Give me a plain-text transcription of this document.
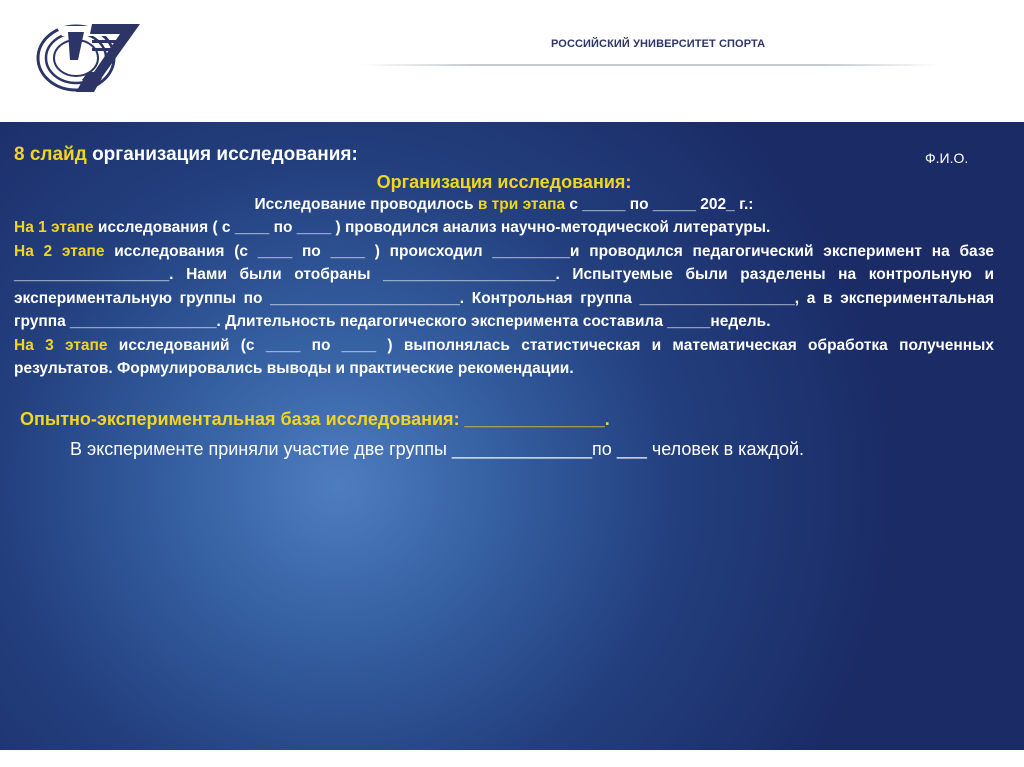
РОССИЙСКИЙ УНИВЕРСИТЕТ СПОРТА
Ф.И.О.
8 слайд организация исследования:
Организация исследования:
Исследование проводилось в три этапа с _____ по _____ 202_ г.:
На 1 этапе исследования ( с ____ по ____ ) проводился анализ научно-методической литературы.
На 2 этапе исследования (с ____ по ____ ) происходил _________и проводился педагогический эксперимент на базе __________________. Нами были отобраны ____________________. Испытуемые были разделены на контрольную и экспериментальную группы по ______________________. Контрольная группа __________________, а в экспериментальная группа _________________. Длительность педагогического эксперимента составила _____недель.
На 3 этапе исследований (с ____ по ____ ) выполнялась статистическая и математическая обработка полученных результатов. Формулировались выводы и практические рекомендации.
Опытно-экспериментальная база исследования: ______________.
В эксперименте приняли участие две группы ______________по ___ человек в каждой.
